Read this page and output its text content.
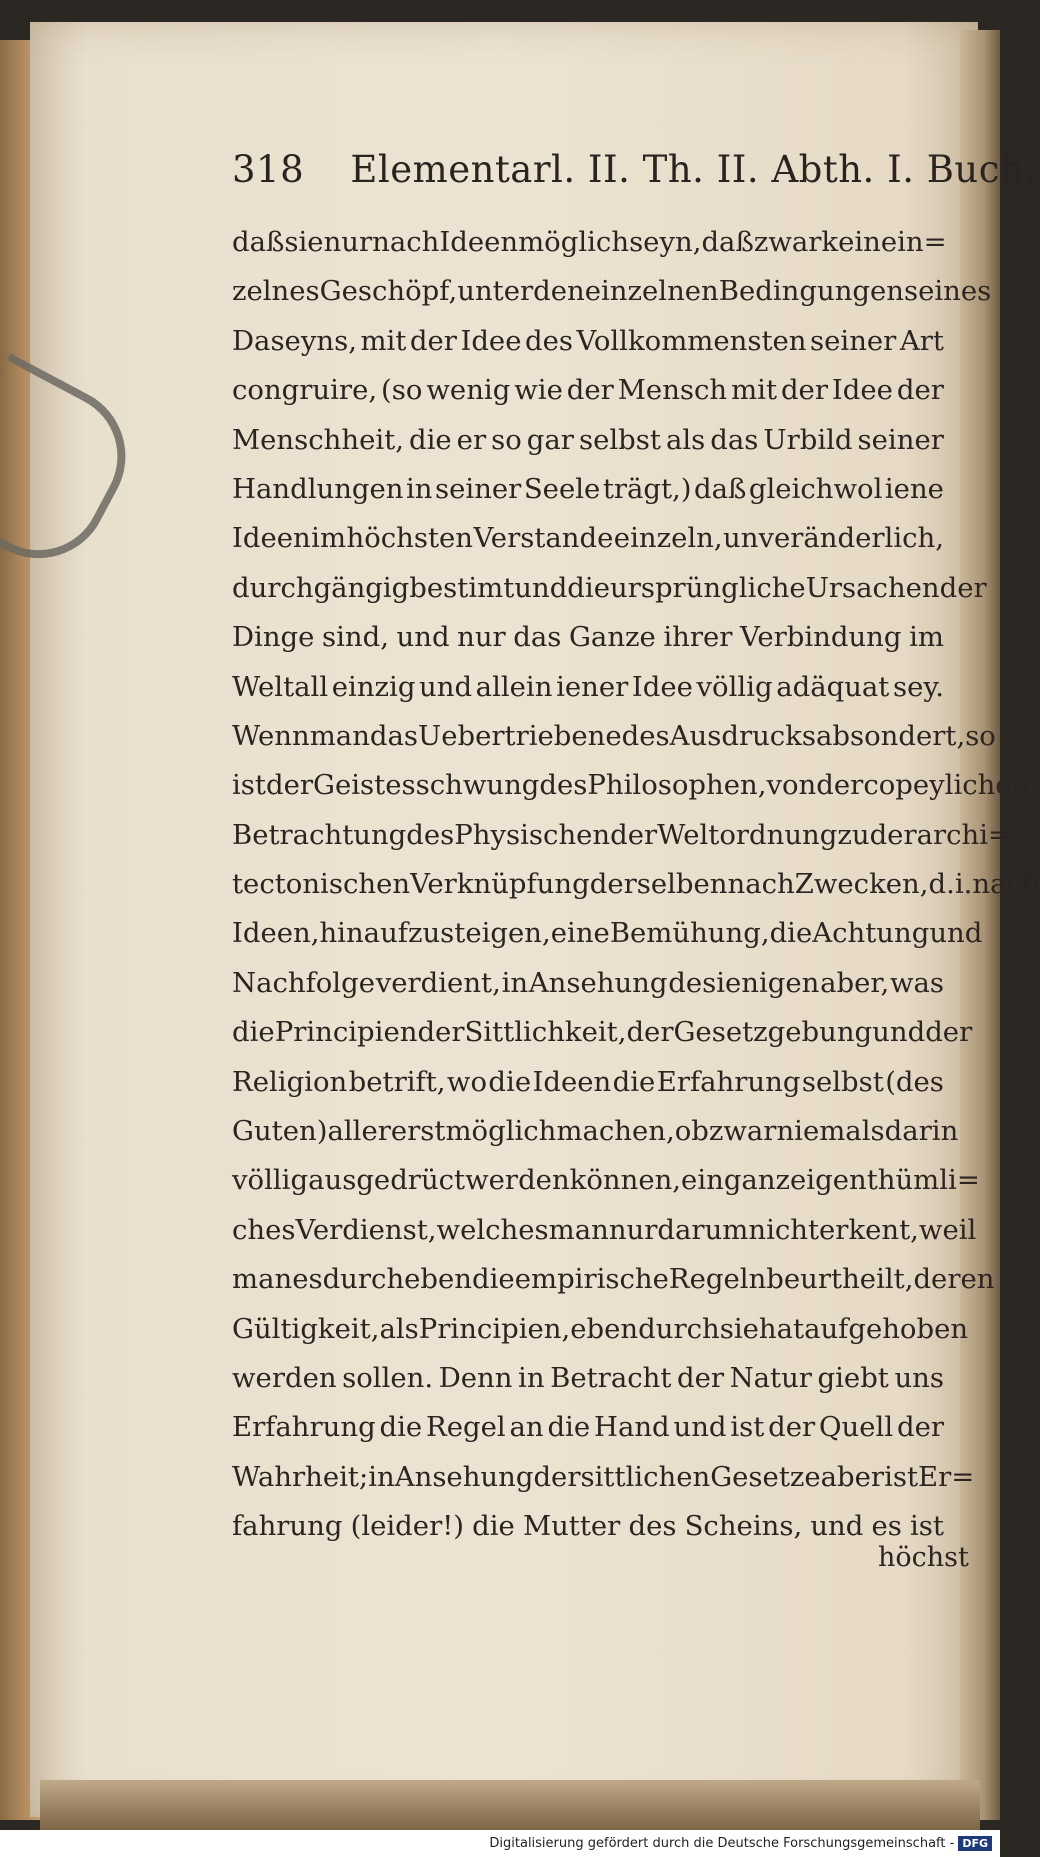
318 Elementarl. II. Th. II. Abth. I. Buch.
daß sie nur nach Ideen möglich seyn, daß zwar kein ein=
zelnes Geschöpf, unter den einzelnen Bedingungen seines
Daseyns, mit der Idee des Vollkommensten seiner Art
congruire, (so wenig wie der Mensch mit der Idee der
Menschheit, die er so gar selbst als das Urbild seiner
Handlungen in seiner Seele trägt,) daß gleichwol iene
Ideen im höchsten Verstande einzeln, unveränderlich,
durchgängig bestimt und die ursprüngliche Ursachen der
Dinge sind, und nur das Ganze ihrer Verbindung im
Weltall einzig und allein iener Idee völlig adäquat sey.
Wenn man das Uebertriebene des Ausdrucks absondert, so
ist der Geistesschwung des Philosophen, von der copeylichen
Betrachtung des Physischen der Weltordnung zu der archi=
tectonischen Verknüpfung derselben nach Zwecken, d. i. nach
Ideen, hinaufzusteigen, eine Bemühung, die Achtung und
Nachfolge verdient, in Ansehung desienigen aber, was
die Principien der Sittlichkeit, der Gesetzgebung und der
Religion betrift, wo die Ideen die Erfahrung selbst (des
Guten) allererst möglich machen, obzwar niemals darin
völlig ausgedrüct werden können, ein ganz eigenthümli=
ches Verdienst, welches man nur darum nicht erkent, weil
man es durch eben die empirische Regeln beurtheilt, deren
Gültigkeit, als Principien, eben durch sie hat aufgehoben
werden sollen. Denn in Betracht der Natur giebt uns
Erfahrung die Regel an die Hand und ist der Quell der
Wahrheit; in Ansehung der sittlichen Gesetze aber ist Er=
fahrung (leider!) die Mutter des Scheins, und es ist
höchst
Digitalisierung gefördert durch die Deutsche Forschungsgemeinschaft - DFG
